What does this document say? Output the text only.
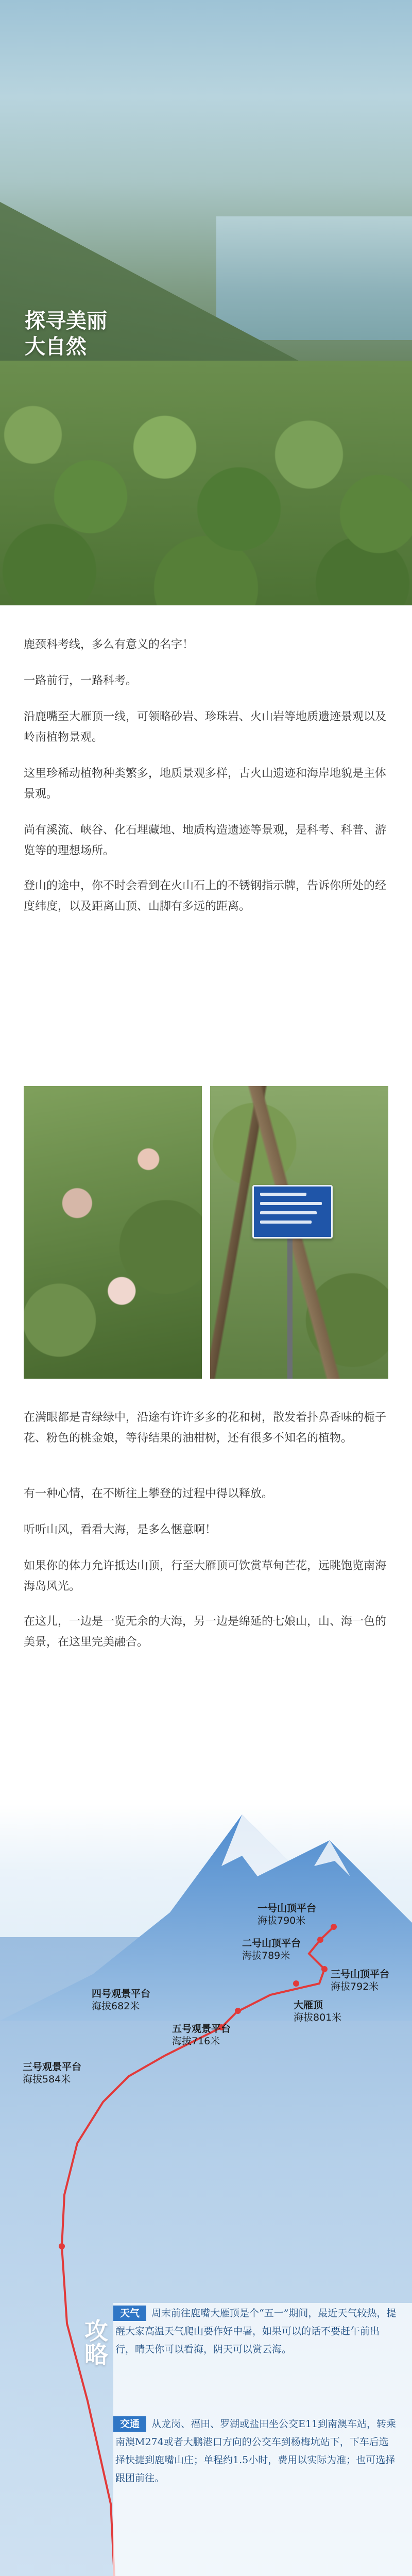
探寻美丽
大自然
鹿颈科考线，多么有意义的名字！
一路前行，一路科考。
沿鹿嘴至大雁顶一线，可领略砂岩、珍珠岩、火山岩等地质遗迹景观以及岭南植物景观。
这里珍稀动植物种类繁多，地质景观多样，古火山遗迹和海岸地貌是主体景观。
尚有溪流、峡谷、化石埋藏地、地质构造遗迹等景观，是科考、科普、游览等的理想场所。
登山的途中，你不时会看到在火山石上的不锈钢指示牌，告诉你所处的经度纬度，以及距离山顶、山脚有多远的距离。
在满眼都是青绿绿中，沿途有许许多多的花和树，散发着扑鼻香味的栀子花、粉色的桃金娘，等待结果的油柑树，还有很多不知名的植物。
有一种心情，在不断往上攀登的过程中得以释放。
听听山风，看看大海，是多么惬意啊！
如果你的体力允许抵达山顶，行至大雁顶可饮赏草甸芒花，远眺饱览南海海岛风光。
在这儿，一边是一览无余的大海，另一边是绵延的七娘山，山、海一色的美景，在这里完美融合。
一号山顶平台
海拔790米
二号山顶平台
海拔789米
三号山顶平台
海拔792米
大雁顶
海拔801米
四号观景平台
海拔682米
五号观景平台
海拔716米
三号观景平台
海拔584米
攻略
天气	周末前往鹿嘴大雁顶是个“五一”期间，最近天气较热，提醒大家高温天气爬山要作好中暑，如果可以的话不要赶午前出行，晴天你可以看海，阴天可以赏云海。
交通	从龙岗、福田、罗湖或盐田坐公交E11到南澳车站，转乘南澳M274或者大鹏港口方向的公交车到杨梅坑站下，下车后选择快捷到鹿嘴山庄；单程约1.5小时，费用以实际为准；也可选择跟团前往。
